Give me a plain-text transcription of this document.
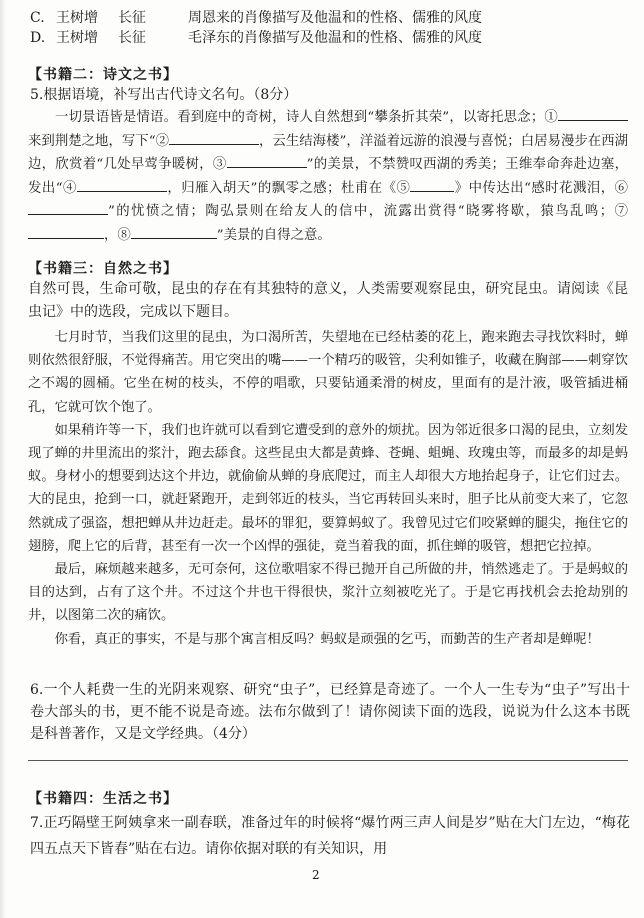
C. 王树增 长征	周恩来的肖像描写及他温和的性格、儒雅的风度
D. 王树增 长征	毛泽东的肖像描写及他温和的性格、儒雅的风度
【书籍二：诗文之书】
5.根据语境，补写出古代诗文名句。（8分）
一切景语皆是情语。看到庭中的奇树，诗人自然想到“攀条折其荣”，以寄托思念；①来到荆楚之地，写下“②	，云生结海楼”，洋溢着远游的浪漫与喜悦；白居易漫步在西湖边，欣赏着“几处早莺争暖树，③	”的美景，不禁赞叹西湖的秀美；王维奉命奔赴边塞，发出“④	，归雁入胡天”的飘零之感；杜甫在《⑤	》中传达出“感时花溅泪，⑥”的忧愤之情；陶弘景则在给友人的信中，流露出赏得“晓雾将歇，猿鸟乱鸣；⑦，⑧	”美景的自得之意。
【书籍三：自然之书】
自然可畏，生命可敬，昆虫的存在有其独特的意义，人类需要观察昆虫，研究昆虫。请阅读《昆虫记》中的选段，完成以下题目。

七月时节，当我们这里的昆虫，为口渴所苦，失望地在已经枯萎的花上，跑来跑去寻找饮料时，蝉则依然很舒服，不觉得痛苦。用它突出的嘴——一个精巧的吸管，尖利如锥子，收藏在胸部——刺穿饮之不竭的圆桶。它坐在树的枝头，不停的唱歌，只要钻通柔滑的树皮，里面有的是汁液，吸管插进桶孔，它就可饮个饱了。

如果稍许等一下，我们也许就可以看到它遭受到的意外的烦扰。因为邻近很多口渴的昆虫，立刻发现了蝉的井里流出的浆汁，跑去舔食。这些昆虫大都是黄蜂、苍蝇、蛆蝇、玫瑰虫等，而最多的却是蚂蚁。身材小的想要到达这个井边，就偷偷从蝉的身底爬过，而主人却很大方地抬起身子，让它们过去。大的昆虫，抢到一口，就赶紧跑开，走到邻近的枝头，当它再转回头来时，胆子比从前变大来了，它忽然就成了强盗，想把蝉从井边赶走。最坏的罪犯，要算蚂蚁了。我曾见过它们咬紧蝉的腿尖，拖住它的翅膀，爬上它的后背，甚至有一次一个凶悍的强徒，竟当着我的面，抓住蝉的吸管，想把它拉掉。

最后，麻烦越来越多，无可奈何，这位歌唱家不得已抛开自己所做的井，悄然逃走了。于是蚂蚁的目的达到，占有了这个井。不过这个井也干得很快，浆汁立刻被吃光了。于是它再找机会去抢劫别的井，以图第二次的痛饮。

你看，真正的事实，不是与那个寓言相反吗？蚂蚁是顽强的乞丐，而勤苦的生产者却是蝉呢！

6.一个人耗费一生的光阴来观察、研究“虫子”，已经算是奇迹了。一个人一生专为“虫子”写出十卷大部头的书，更不能不说是奇迹。法布尔做到了！请你阅读下面的选段，说说为什么这本书既是科普著作，又是文学经典。（4分）
【书籍四：生活之书】
7.正巧隔壁王阿姨拿来一副春联，准备过年的时候将“爆竹两三声人间是岁”贴在大门左边，“梅花四五点天下皆春”贴在右边。请你依据对联的有关知识，用
2
